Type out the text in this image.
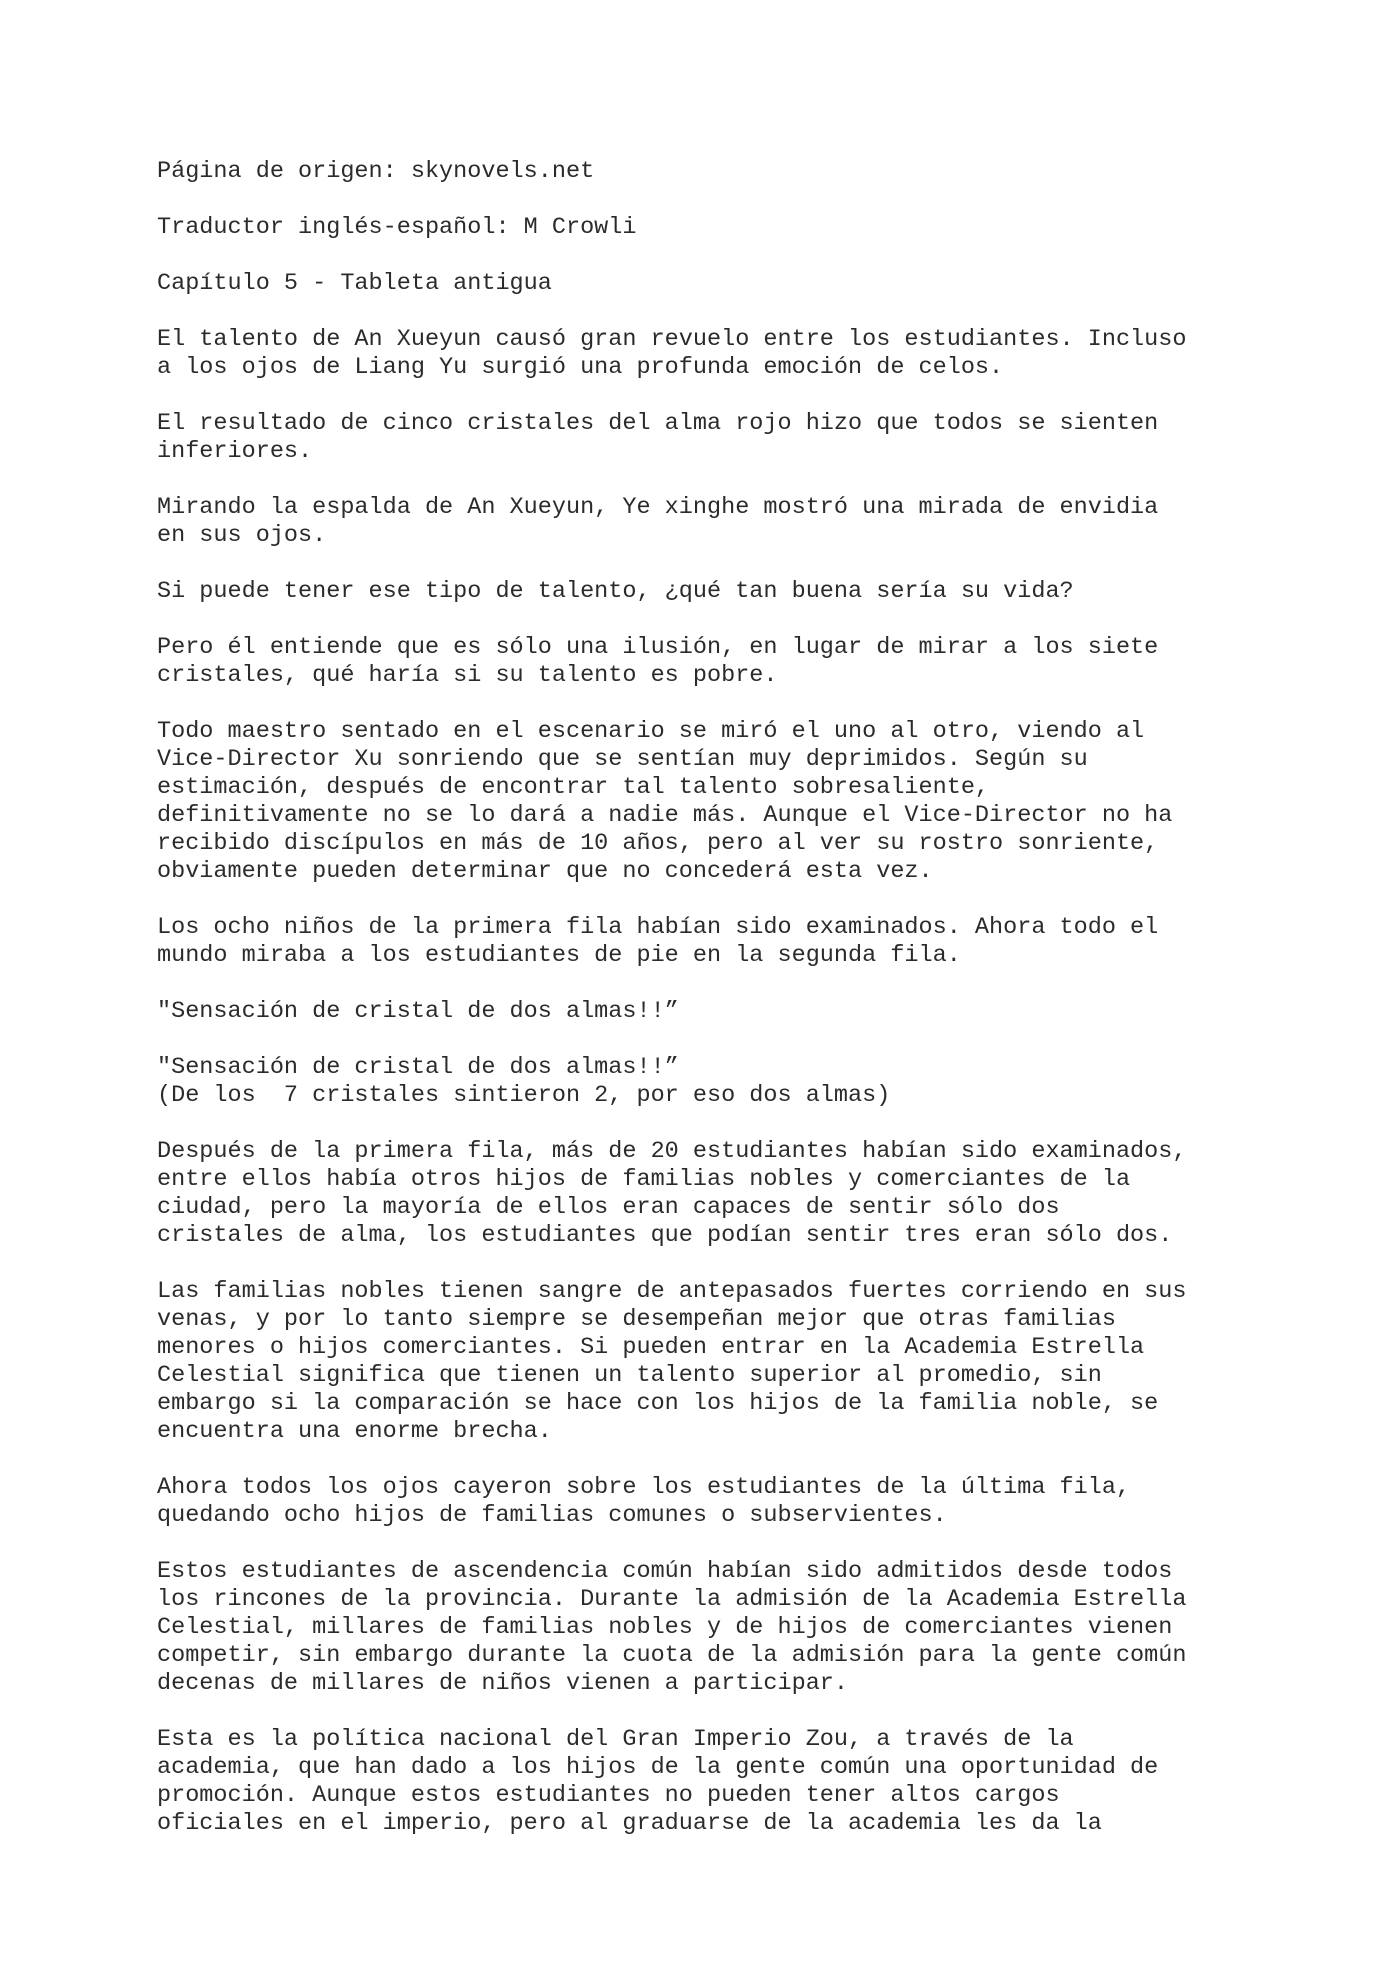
Página de origen: skynovels.net
Traductor inglés-español: M Crowli
Capítulo 5 - Tableta antigua
El talento de An Xueyun causó gran revuelo entre los estudiantes. Incluso
a los ojos de Liang Yu surgió una profunda emoción de celos.
El resultado de cinco cristales del alma rojo hizo que todos se sienten
inferiores.
Mirando la espalda de An Xueyun, Ye xinghe mostró una mirada de envidia
en sus ojos.
Si puede tener ese tipo de talento, ¿qué tan buena sería su vida?
Pero él entiende que es sólo una ilusión, en lugar de mirar a los siete
cristales, qué haría si su talento es pobre.
Todo maestro sentado en el escenario se miró el uno al otro, viendo al
Vice-Director Xu sonriendo que se sentían muy deprimidos. Según su
estimación, después de encontrar tal talento sobresaliente,
definitivamente no se lo dará a nadie más. Aunque el Vice-Director no ha
recibido discípulos en más de 10 años, pero al ver su rostro sonriente,
obviamente pueden determinar que no concederá esta vez.
Los ocho niños de la primera fila habían sido examinados. Ahora todo el
mundo miraba a los estudiantes de pie en la segunda fila.
"Sensación de cristal de dos almas!!”
"Sensación de cristal de dos almas!!”
(De los  7 cristales sintieron 2, por eso dos almas)
Después de la primera fila, más de 20 estudiantes habían sido examinados,
entre ellos había otros hijos de familias nobles y comerciantes de la
ciudad, pero la mayoría de ellos eran capaces de sentir sólo dos
cristales de alma, los estudiantes que podían sentir tres eran sólo dos.
Las familias nobles tienen sangre de antepasados fuertes corriendo en sus
venas, y por lo tanto siempre se desempeñan mejor que otras familias
menores o hijos comerciantes. Si pueden entrar en la Academia Estrella
Celestial significa que tienen un talento superior al promedio, sin
embargo si la comparación se hace con los hijos de la familia noble, se
encuentra una enorme brecha.
Ahora todos los ojos cayeron sobre los estudiantes de la última fila,
quedando ocho hijos de familias comunes o subservientes.
Estos estudiantes de ascendencia común habían sido admitidos desde todos
los rincones de la provincia. Durante la admisión de la Academia Estrella
Celestial, millares de familias nobles y de hijos de comerciantes vienen
competir, sin embargo durante la cuota de la admisión para la gente común
decenas de millares de niños vienen a participar.
Esta es la política nacional del Gran Imperio Zou, a través de la
academia, que han dado a los hijos de la gente común una oportunidad de
promoción. Aunque estos estudiantes no pueden tener altos cargos
oficiales en el imperio, pero al graduarse de la academia les da la
